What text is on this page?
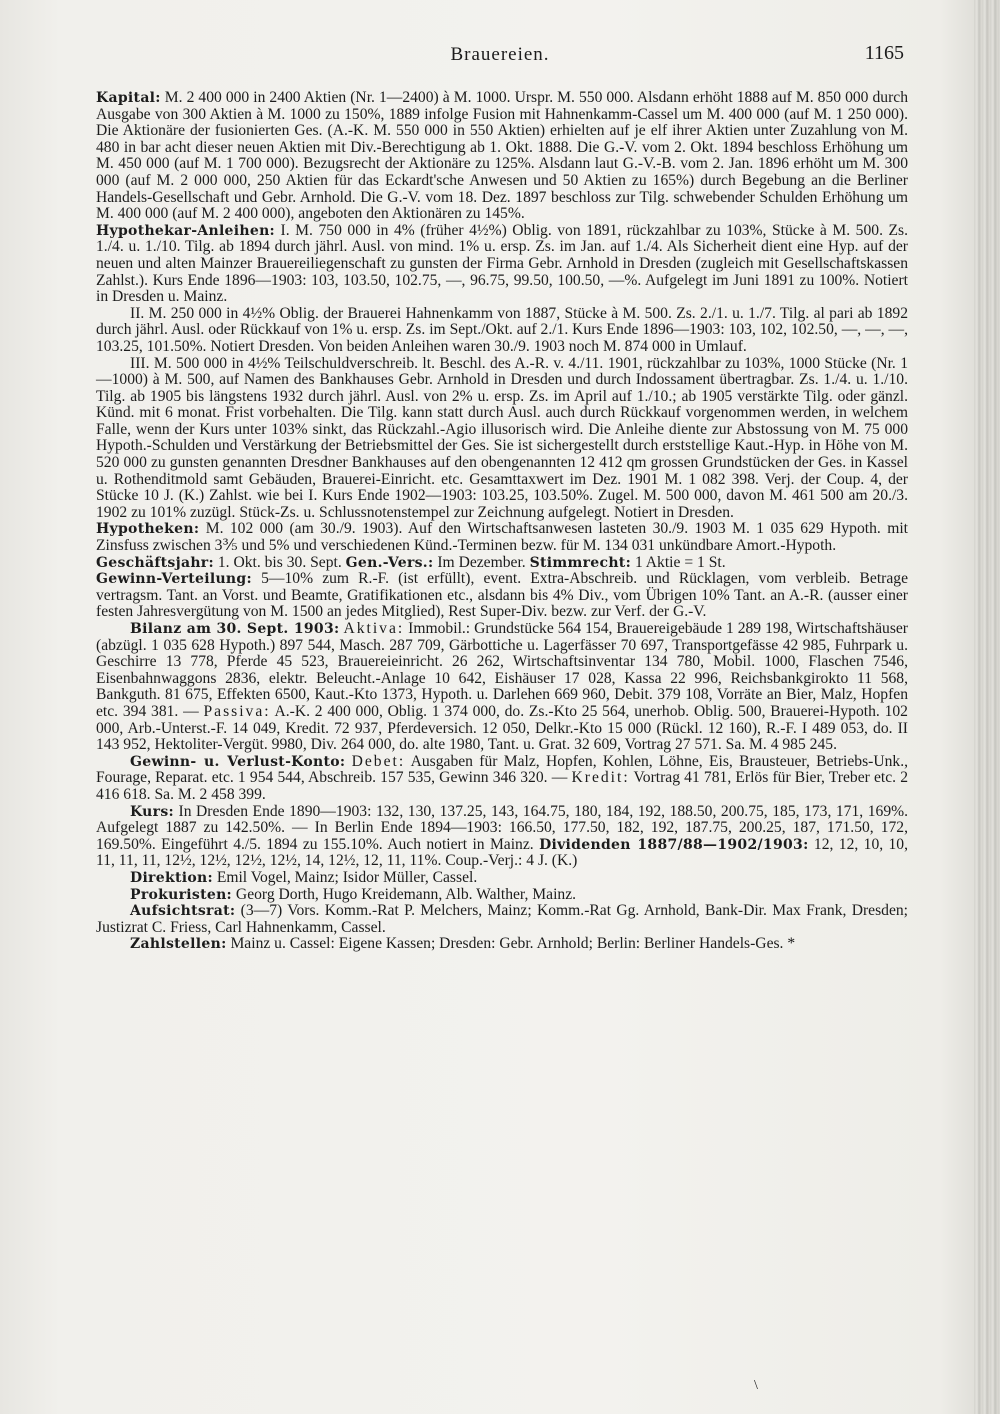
Brauereien.	1165

Kapital: M. 2 400 000 in 2400 Aktien (Nr. 1—2400) à M. 1000. Urspr. M. 550 000. Alsdann erhöht 1888 auf M. 850 000 durch Ausgabe von 300 Aktien à M. 1000 zu 150%, 1889 infolge Fusion mit Hahnenkamm-Cassel um M. 400 000 (auf M. 1 250 000). Die Aktionäre der fusionierten Ges. (A.-K. M. 550 000 in 550 Aktien) erhielten auf je elf ihrer Aktien unter Zuzahlung von M. 480 in bar acht dieser neuen Aktien mit Div.-Berechtigung ab 1. Okt. 1888. Die G.-V. vom 2. Okt. 1894 beschloss Erhöhung um M. 450 000 (auf M. 1 700 000). Bezugsrecht der Aktionäre zu 125%. Alsdann laut G.-V.-B. vom 2. Jan. 1896 erhöht um M. 300 000 (auf M. 2 000 000, 250 Aktien für das Eckardt'sche Anwesen und 50 Aktien zu 165%) durch Begebung an die Berliner Handels-Gesellschaft und Gebr. Arnhold. Die G.-V. vom 18. Dez. 1897 beschloss zur Tilg. schwebender Schulden Erhöhung um M. 400 000 (auf M. 2 400 000), angeboten den Aktionären zu 145%.

Hypothekar-Anleihen: I. M. 750 000 in 4% (früher 4½%) Oblig. von 1891, rückzahlbar zu 103%, Stücke à M. 500. Zs. 1./4. u. 1./10. Tilg. ab 1894 durch jährl. Ausl. von mind. 1% u. ersp. Zs. im Jan. auf 1./4. Als Sicherheit dient eine Hyp. auf der neuen und alten Mainzer Brauereiliegenschaft zu gunsten der Firma Gebr. Arnhold in Dresden (zugleich mit Gesellschaftskassen Zahlst.). Kurs Ende 1896—1903: 103, 103.50, 102.75, —, 96.75, 99.50, 100.50, —%. Aufgelegt im Juni 1891 zu 100%. Notiert in Dresden u. Mainz.

II. M. 250 000 in 4½% Oblig. der Brauerei Hahnenkamm von 1887, Stücke à M. 500. Zs. 2./1. u. 1./7. Tilg. al pari ab 1892 durch jährl. Ausl. oder Rückkauf von 1% u. ersp. Zs. im Sept./Okt. auf 2./1. Kurs Ende 1896—1903: 103, 102, 102.50, —, —, —, 103.25, 101.50%. Notiert Dresden. Von beiden Anleihen waren 30./9. 1903 noch M. 874 000 in Umlauf.

III. M. 500 000 in 4½% Teilschuldverschreib. lt. Beschl. des A.-R. v. 4./11. 1901, rückzahlbar zu 103%, 1000 Stücke (Nr. 1—1000) à M. 500, auf Namen des Bankhauses Gebr. Arnhold in Dresden und durch Indossament übertragbar. Zs. 1./4. u. 1./10. Tilg. ab 1905 bis längstens 1932 durch jährl. Ausl. von 2% u. ersp. Zs. im April auf 1./10.; ab 1905 verstärkte Tilg. oder gänzl. Künd. mit 6 monat. Frist vorbehalten. Die Tilg. kann statt durch Ausl. auch durch Rückkauf vorgenommen werden, in welchem Falle, wenn der Kurs unter 103% sinkt, das Rückzahl.-Agio illusorisch wird. Die Anleihe diente zur Abstossung von M. 75 000 Hypoth.-Schulden und Verstärkung der Betriebsmittel der Ges. Sie ist sichergestellt durch erststellige Kaut.-Hyp. in Höhe von M. 520 000 zu gunsten genannten Dresdner Bankhauses auf den obengenannten 12 412 qm grossen Grundstücken der Ges. in Kassel u. Rothenditmold samt Gebäuden, Brauerei-Einricht. etc. Gesamttaxwert im Dez. 1901 M. 1 082 398. Verj. der Coup. 4, der Stücke 10 J. (K.) Zahlst. wie bei I. Kurs Ende 1902—1903: 103.25, 103.50%. Zugel. M. 500 000, davon M. 461 500 am 20./3. 1902 zu 101% zuzügl. Stück-Zs. u. Schlussnotenstempel zur Zeichnung aufgelegt. Notiert in Dresden.

Hypotheken: M. 102 000 (am 30./9. 1903). Auf den Wirtschaftsanwesen lasteten 30./9. 1903 M. 1 035 629 Hypoth. mit Zinsfuss zwischen 3⅗ und 5% und verschiedenen Künd.-Terminen bezw. für M. 134 031 unkündbare Amort.-Hypoth.

Geschäftsjahr: 1. Okt. bis 30. Sept. Gen.-Vers.: Im Dezember. Stimmrecht: 1 Aktie = 1 St.

Gewinn-Verteilung: 5—10% zum R.-F. (ist erfüllt), event. Extra-Abschreib. und Rücklagen, vom verbleib. Betrage vertragsm. Tant. an Vorst. und Beamte, Gratifikationen etc., alsdann bis 4% Div., vom Übrigen 10% Tant. an A.-R. (ausser einer festen Jahresvergütung von M. 1500 an jedes Mitglied), Rest Super-Div. bezw. zur Verf. der G.-V.

Bilanz am 30. Sept. 1903: Aktiva: Immobil.: Grundstücke 564 154, Brauereigebäude 1 289 198, Wirtschaftshäuser (abzügl. 1 035 628 Hypoth.) 897 544, Masch. 287 709, Gärbottiche u. Lagerfässer 70 697, Transportgefässe 42 985, Fuhrpark u. Geschirre 13 778, Pferde 45 523, Brauereieinricht. 26 262, Wirtschaftsinventar 134 780, Mobil. 1000, Flaschen 7546, Eisenbahnwaggons 2836, elektr. Beleucht.-Anlage 10 642, Eishäuser 17 028, Kassa 22 996, Reichsbankgirokto 11 568, Bankguth. 81 675, Effekten 6500, Kaut.-Kto 1373, Hypoth. u. Darlehen 669 960, Debit. 379 108, Vorräte an Bier, Malz, Hopfen etc. 394 381. — Passiva: A.-K. 2 400 000, Oblig. 1 374 000, do. Zs.-Kto 25 564, unerhob. Oblig. 500, Brauerei-Hypoth. 102 000, Arb.-Unterst.-F. 14 049, Kredit. 72 937, Pferdeversich. 12 050, Delkr.-Kto 15 000 (Rückl. 12 160), R.-F. I 489 053, do. II 143 952, Hektoliter-Vergüt. 9980, Div. 264 000, do. alte 1980, Tant. u. Grat. 32 609, Vortrag 27 571. Sa. M. 4 985 245.

Gewinn- u. Verlust-Konto: Debet: Ausgaben für Malz, Hopfen, Kohlen, Löhne, Eis, Brausteuer, Betriebs-Unk., Fourage, Reparat. etc. 1 954 544, Abschreib. 157 535, Gewinn 346 320. — Kredit: Vortrag 41 781, Erlös für Bier, Treber etc. 2 416 618. Sa. M. 2 458 399.

Kurs: In Dresden Ende 1890—1903: 132, 130, 137.25, 143, 164.75, 180, 184, 192, 188.50, 200.75, 185, 173, 171, 169%. Aufgelegt 1887 zu 142.50%. — In Berlin Ende 1894—1903: 166.50, 177.50, 182, 192, 187.75, 200.25, 187, 171.50, 172, 169.50%. Eingeführt 4./5. 1894 zu 155.10%. Auch notiert in Mainz. Dividenden 1887/88—1902/1903: 12, 12, 10, 10, 11, 11, 11, 12½, 12½, 12½, 12½, 14, 12½, 12, 11, 11%. Coup.-Verj.: 4 J. (K.)

Direktion: Emil Vogel, Mainz; Isidor Müller, Cassel.

Prokuristen: Georg Dorth, Hugo Kreidemann, Alb. Walther, Mainz.

Aufsichtsrat: (3—7) Vors. Komm.-Rat P. Melchers, Mainz; Komm.-Rat Gg. Arnhold, Bank-Dir. Max Frank, Dresden; Justizrat C. Friess, Carl Hahnenkamm, Cassel.

Zahlstellen: Mainz u. Cassel: Eigene Kassen; Dresden: Gebr. Arnhold; Berlin: Berliner Handels-Ges. *

\
